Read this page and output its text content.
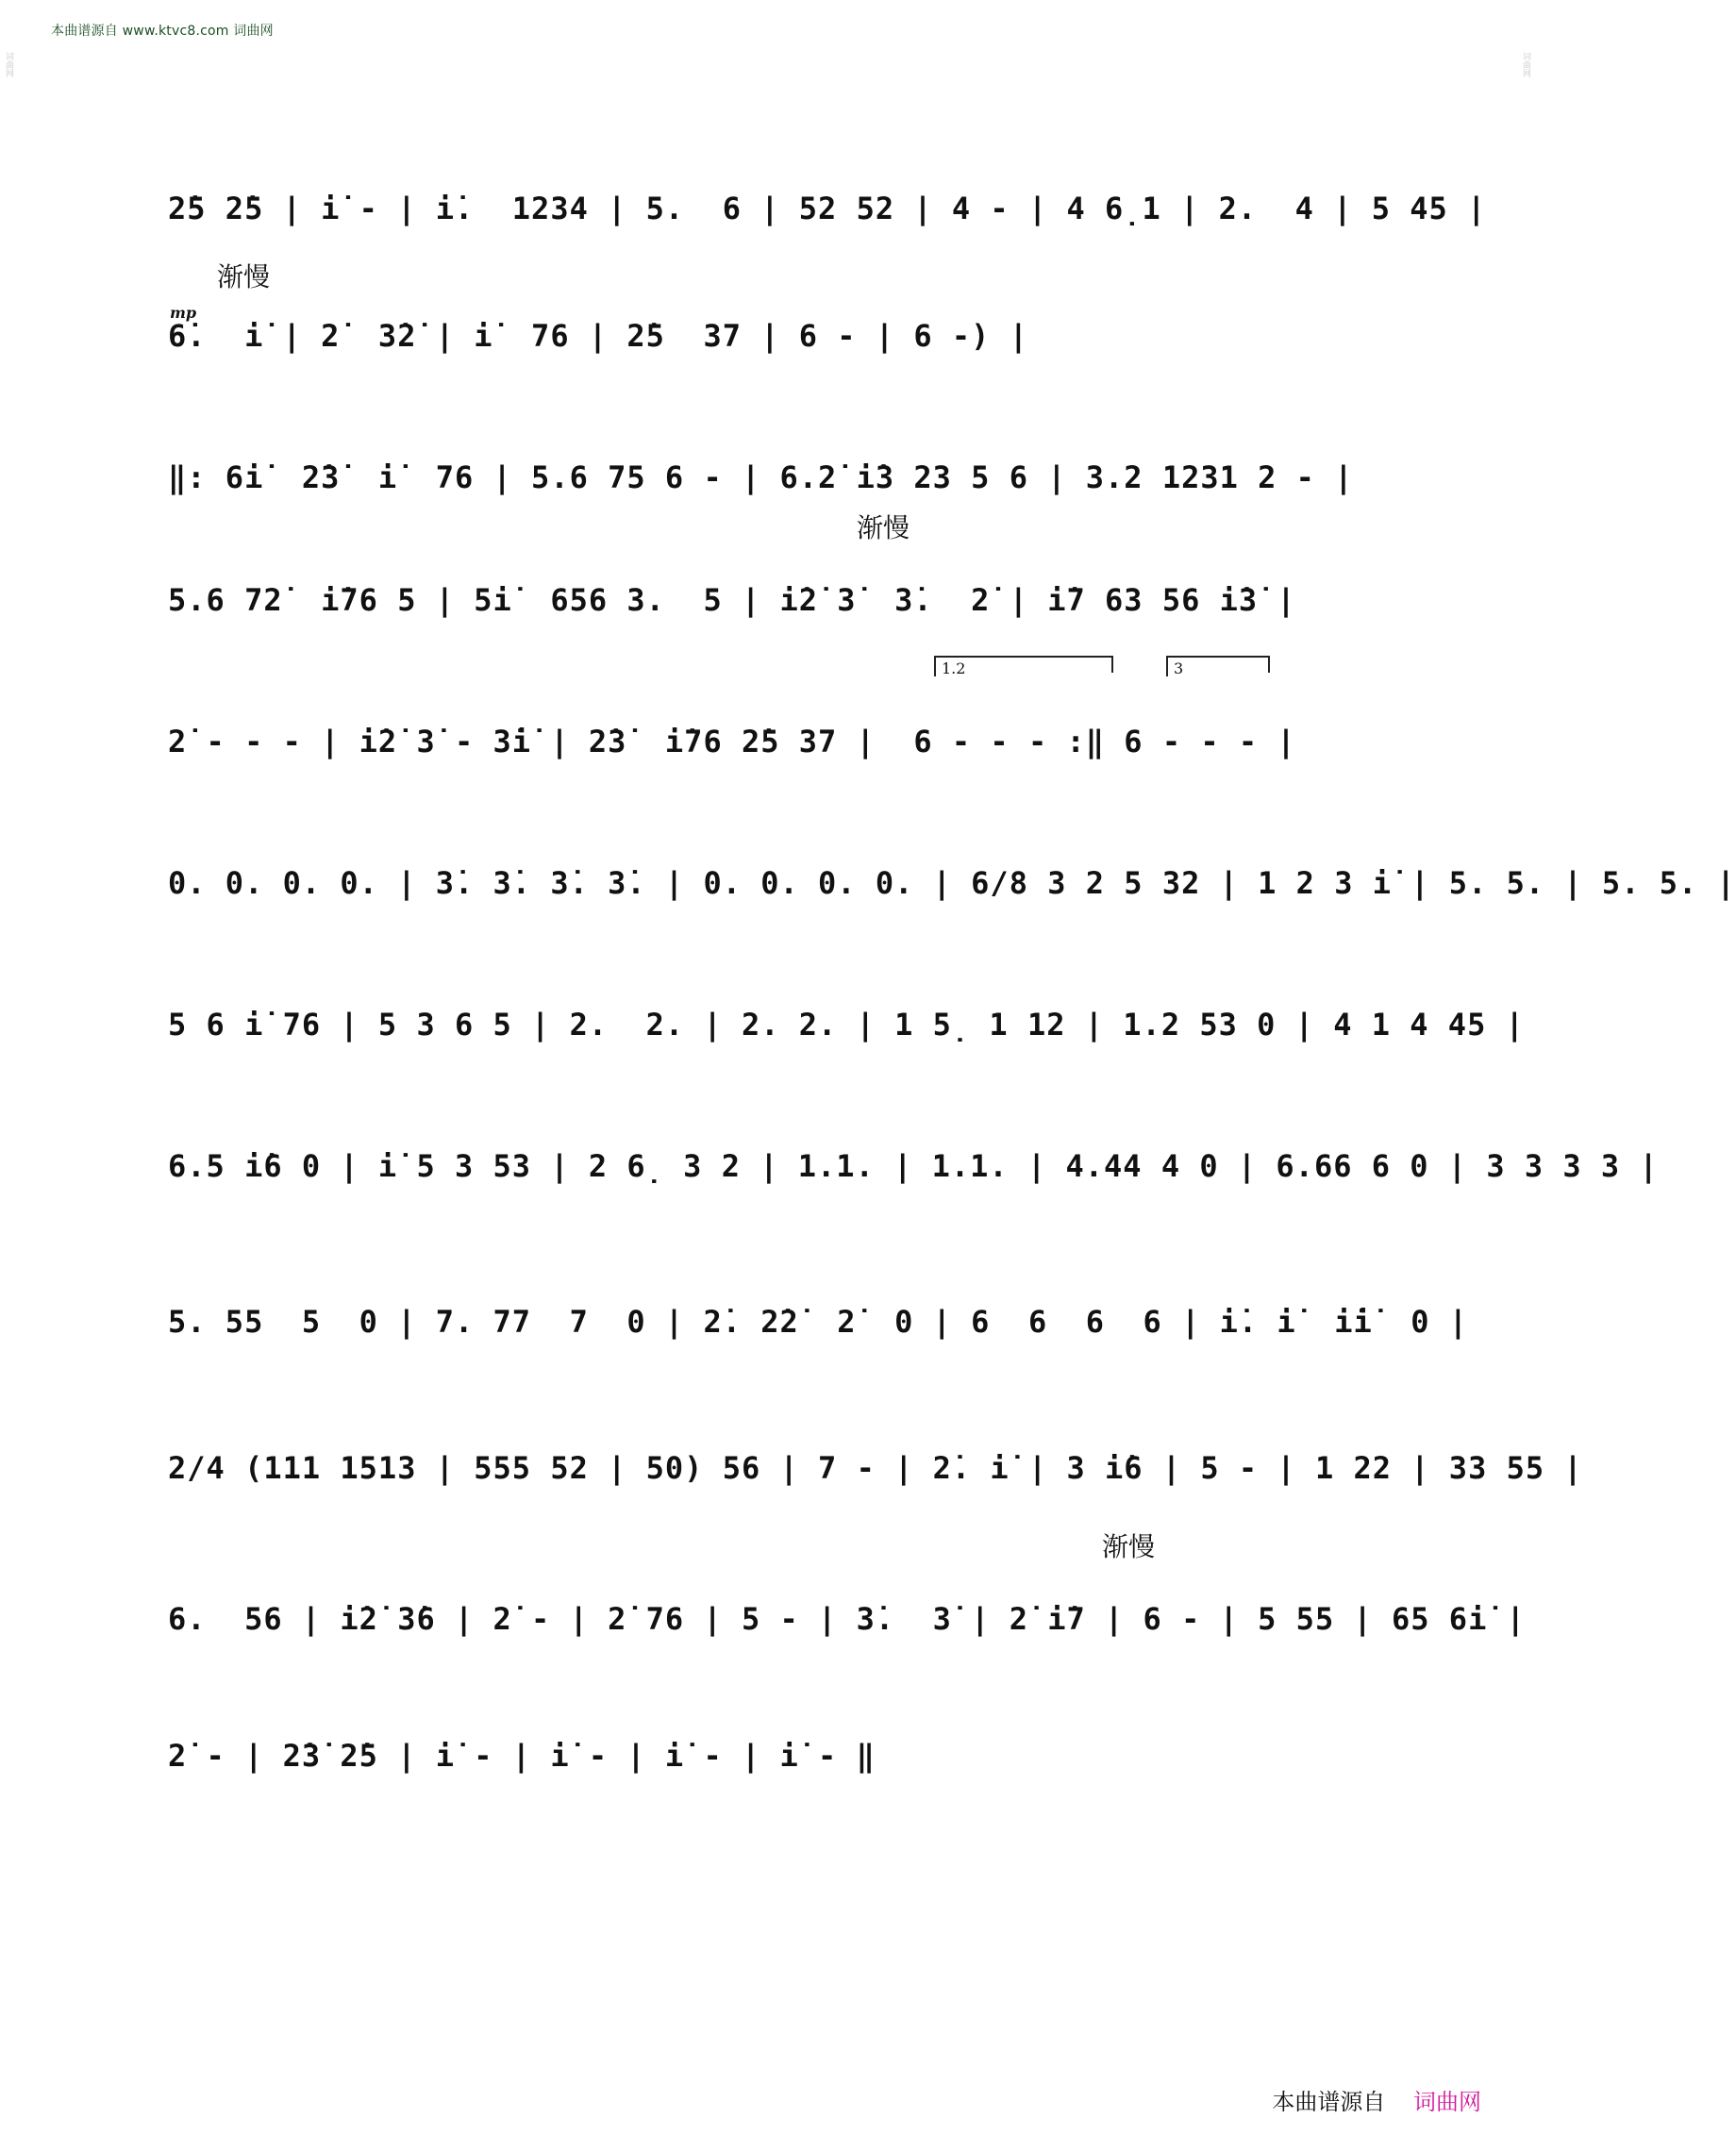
本曲谱源自 www.ktvc8.com 词曲网
词曲网	词曲网
2̇5 2̇5 | i̇ - | i̇.  1234 | 5.  6 | 52 52 | 4 - | 4 6̣1 | 2.  4 | 5 45 |
渐慢
mp
6̇.  i̇ | 2̇  3̇2̇ | i̇  76 | 2̇5  37 | 6 - | 6 -) |
‖: 6i̇  2̇3̇  i̇  76 | 5.6 75 6 - | 6.2̇ i̇3 23 5 6 | 3.2 1231 2 - |
渐慢
5.6 72̇  i̇76 5 | 5i̇  656 3.  5 | i̇2̇ 3̇  3̇.  2̇ | i̇7 63 56 i̇3̇ |
1.2	3
2̇ - - - | i̇2̇ 3̇ - 3̇i̇ | 2̇3̇  i̇76 2̇5 37 |  6 - - - :‖ 6 - - - |
0. 0. 0. 0. | 3̇. 3̇. 3̇. 3̇. | 0. 0. 0. 0. | 6/8 3 2 5 32 | 1 2 3 i̇ | 5. 5. | 5. 5. |
5 6 i̇ 76 | 5 3 6 5 | 2.  2. | 2. 2. | 1 5̣ 1 12 | 1.2 53 0 | 4 1 4 45 |
6.5 i̇6 0 | i̇ 5 3 53 | 2 6̣ 3 2 | 1.1. | 1.1. | 4.44 4 0 | 6.66 6 0 | 3 3 3 3 |
5. 55  5  0 | 7. 77  7  0 | 2̇. 2̇2̇  2̇  0 | 6  6  6  6 | i̇. i̇  i̇i̇  0 |
2/4 (111 1513 | 555 52 | 50) 56 | 7 - | 2̇. i̇ | 3 i̇6 | 5 - | 1 22 | 33 55 |
渐慢
6.  56 | i̇2̇ 3̇6 | 2̇ - | 2̇ 76 | 5 - | 3̇.  3̇ | 2̇ i̇7 | 6 - | 5 55 | 65 6i̇ |
2̇ - | 2̇3̇ 2̇5 | i̇ - | i̇ - | i̇ - | i̇ - ‖
本曲谱源自 词曲网
